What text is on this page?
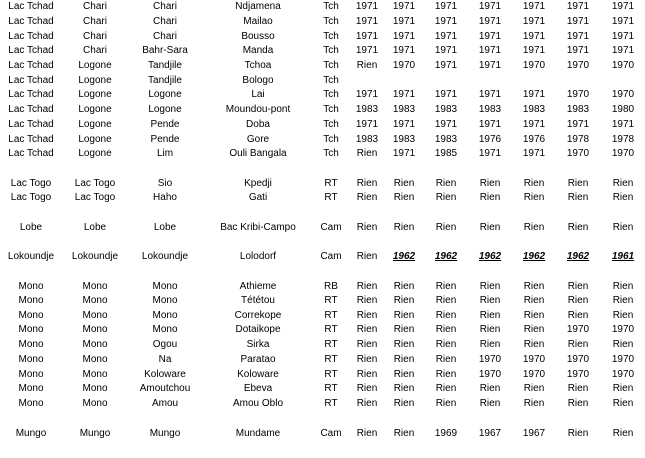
Lac Tchad	Chari	Chari	Ndjamena	Tch	1971	1971	1971	1971	1971	1971	1971
Lac Tchad	Chari	Chari	Mailao	Tch	1971	1971	1971	1971	1971	1971	1971
Lac Tchad	Chari	Chari	Bousso	Tch	1971	1971	1971	1971	1971	1971	1971
Lac Tchad	Chari	Bahr-Sara	Manda	Tch	1971	1971	1971	1971	1971	1971	1971
Lac Tchad	Logone	Tandjile	Tchoa	Tch	Rien	1970	1971	1971	1970	1970	1970
Lac Tchad	Logone	Tandjile	Bologo	Tch
Lac Tchad	Logone	Logone	Lai	Tch	1971	1971	1971	1971	1971	1970	1970
Lac Tchad	Logone	Logone	Moundou-pont	Tch	1983	1983	1983	1983	1983	1983	1980
Lac Tchad	Logone	Pende	Doba	Tch	1971	1971	1971	1971	1971	1971	1971
Lac Tchad	Logone	Pende	Gore	Tch	1983	1983	1983	1976	1976	1978	1978
Lac Tchad	Logone	Lim	Ouli Bangala	Tch	Rien	1971	1985	1971	1971	1970	1970
Lac Togo	Lac Togo	Sio	Kpedji	RT	Rien	Rien	Rien	Rien	Rien	Rien	Rien
Lac Togo	Lac Togo	Haho	Gati	RT	Rien	Rien	Rien	Rien	Rien	Rien	Rien
Lobe	Lobe	Lobe	Bac Kribi-Campo	Cam	Rien	Rien	Rien	Rien	Rien	Rien	Rien
Lokoundje	Lokoundje	Lokoundje	Lolodorf	Cam	Rien	1962	1962	1962	1962	1962	1961
Mono	Mono	Mono	Athieme	RB	Rien	Rien	Rien	Rien	Rien	Rien	Rien
Mono	Mono	Mono	Tététou	RT	Rien	Rien	Rien	Rien	Rien	Rien	Rien
Mono	Mono	Mono	Correkope	RT	Rien	Rien	Rien	Rien	Rien	Rien	Rien
Mono	Mono	Mono	Dotaikope	RT	Rien	Rien	Rien	Rien	Rien	1970	1970
Mono	Mono	Ogou	Sirka	RT	Rien	Rien	Rien	Rien	Rien	Rien	Rien
Mono	Mono	Na	Paratao	RT	Rien	Rien	Rien	1970	1970	1970	1970
Mono	Mono	Koloware	Koloware	RT	Rien	Rien	Rien	1970	1970	1970	1970
Mono	Mono	Amoutchou	Ebeva	RT	Rien	Rien	Rien	Rien	Rien	Rien	Rien
Mono	Mono	Amou	Amou Oblo	RT	Rien	Rien	Rien	Rien	Rien	Rien	Rien
Mungo	Mungo	Mungo	Mundame	Cam	Rien	Rien	1969	1967	1967	Rien	Rien
